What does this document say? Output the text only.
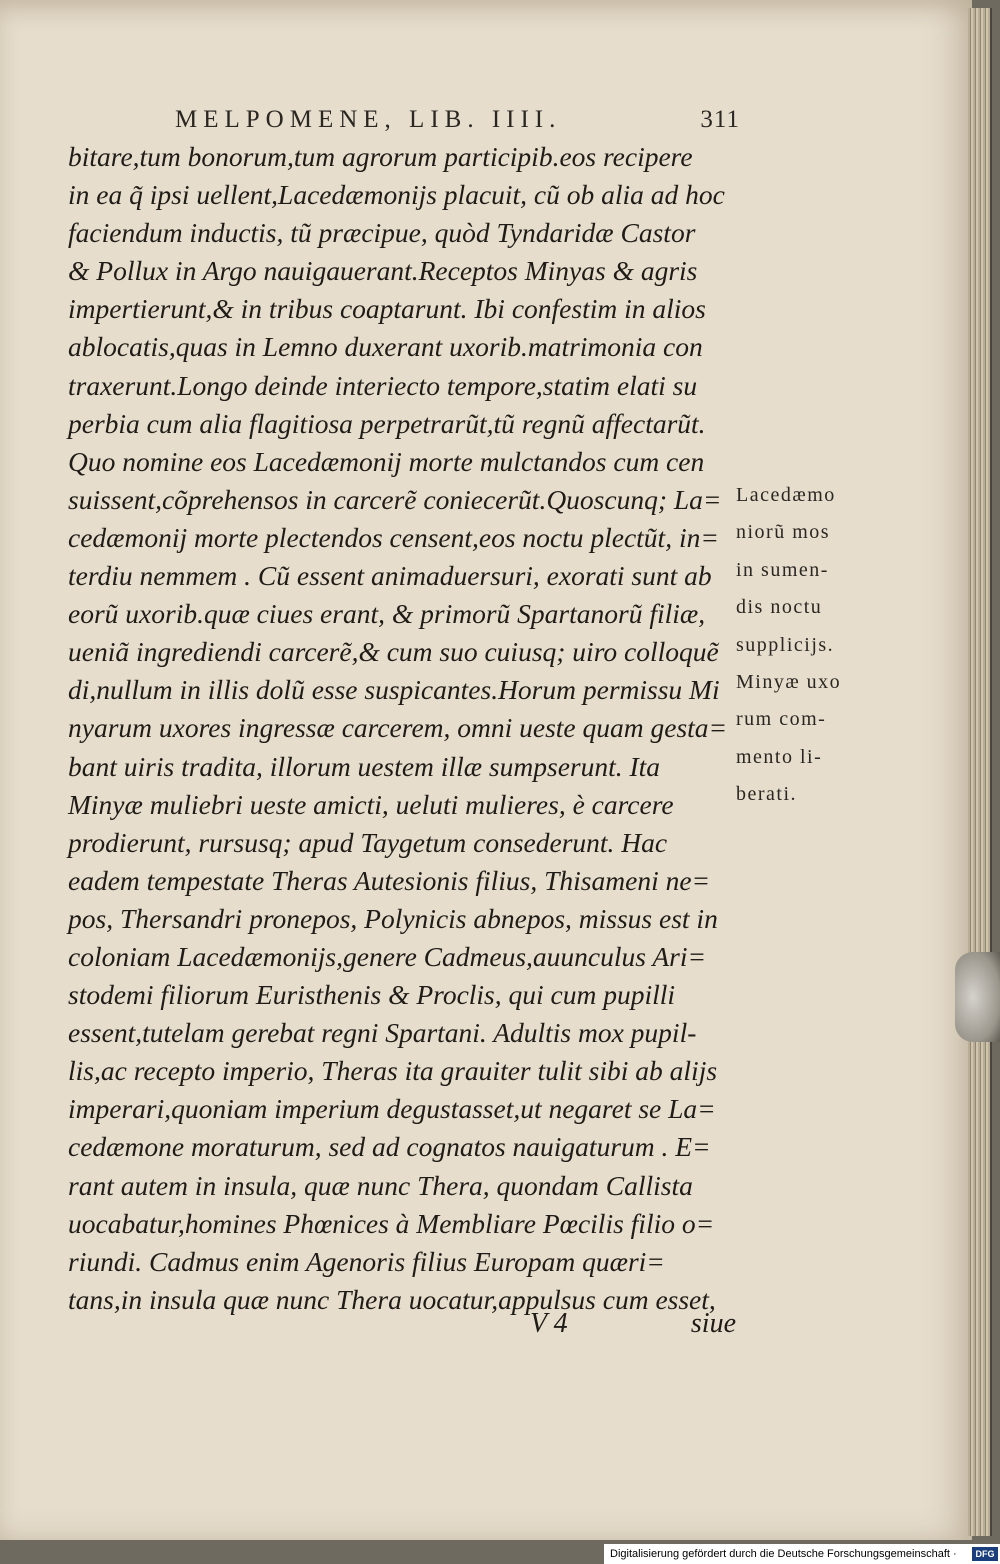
MELPOMENE, LIB. IIII.	311
bitare,tum bonorum,tum agrorum participib.eos recipere
in ea q̃ ipsi uellent,Lacedæmonijs placuit, cũ ob alia ad hoc
faciendum inductis, tũ præcipue, quòd Tyndaridæ Castor
& Pollux in Argo nauigauerant.Receptos Minyas & agris
impertierunt,& in tribus coaptarunt. Ibi confestim in alios
ablocatis,quas in Lemno duxerant uxorib.matrimonia con
traxerunt.Longo deinde interiecto tempore,statim elati su
perbia cum alia flagitiosa perpetrarũt,tũ regnũ affectarũt.
Quo nomine eos Lacedæmonij morte mulctandos cum cen
suissent,cõprehensos in carcerẽ coniecerũt.Quoscunq; La=
cedæmonij morte plectendos censent,eos noctu plectũt, in=
terdiu nemmem . Cũ essent animaduersuri, exorati sunt ab
eorũ uxorib.quæ ciues erant, & primorũ Spartanorũ filiæ,
ueniã ingrediendi carcerẽ,& cum suo cuiusq; uiro colloquẽ
di,nullum in illis dolũ esse suspicantes.Horum permissu Mi
nyarum uxores ingressæ carcerem, omni ueste quam gesta=
bant uiris tradita, illorum uestem illæ sumpserunt. Ita
Minyæ muliebri ueste amicti, ueluti mulieres, è carcere
prodierunt, rursusq; apud Taygetum consederunt. Hac
eadem tempestate Theras Autesionis filius, Thisameni ne=
pos, Thersandri pronepos, Polynicis abnepos, missus est in
coloniam Lacedæmonijs,genere Cadmeus,auunculus Ari=
stodemi filiorum Euristhenis & Proclis, qui cum pupilli
essent,tutelam gerebat regni Spartani. Adultis mox pupil-
lis,ac recepto imperio, Theras ita grauiter tulit sibi ab alijs
imperari,quoniam imperium degustasset,ut negaret se La=
cedæmone moraturum, sed ad cognatos nauigaturum . E=
rant autem in insula, quæ nunc Thera, quondam Callista
uocabatur,homines Phœnices à Membliare Pœcilis filio o=
riundi. Cadmus enim Agenoris filius Europam quæri=
tans,in insula quæ nunc Thera uocatur,appulsus cum esset,
Lacedæmo
niorũ mos
in sumen-
dis noctu
supplicijs.
Minyæ uxo
rum com-
mento li-
berati.
V 4	siue
Digitalisierung gefördert durch die Deutsche Forschungsgemeinschaft ·	DFG
